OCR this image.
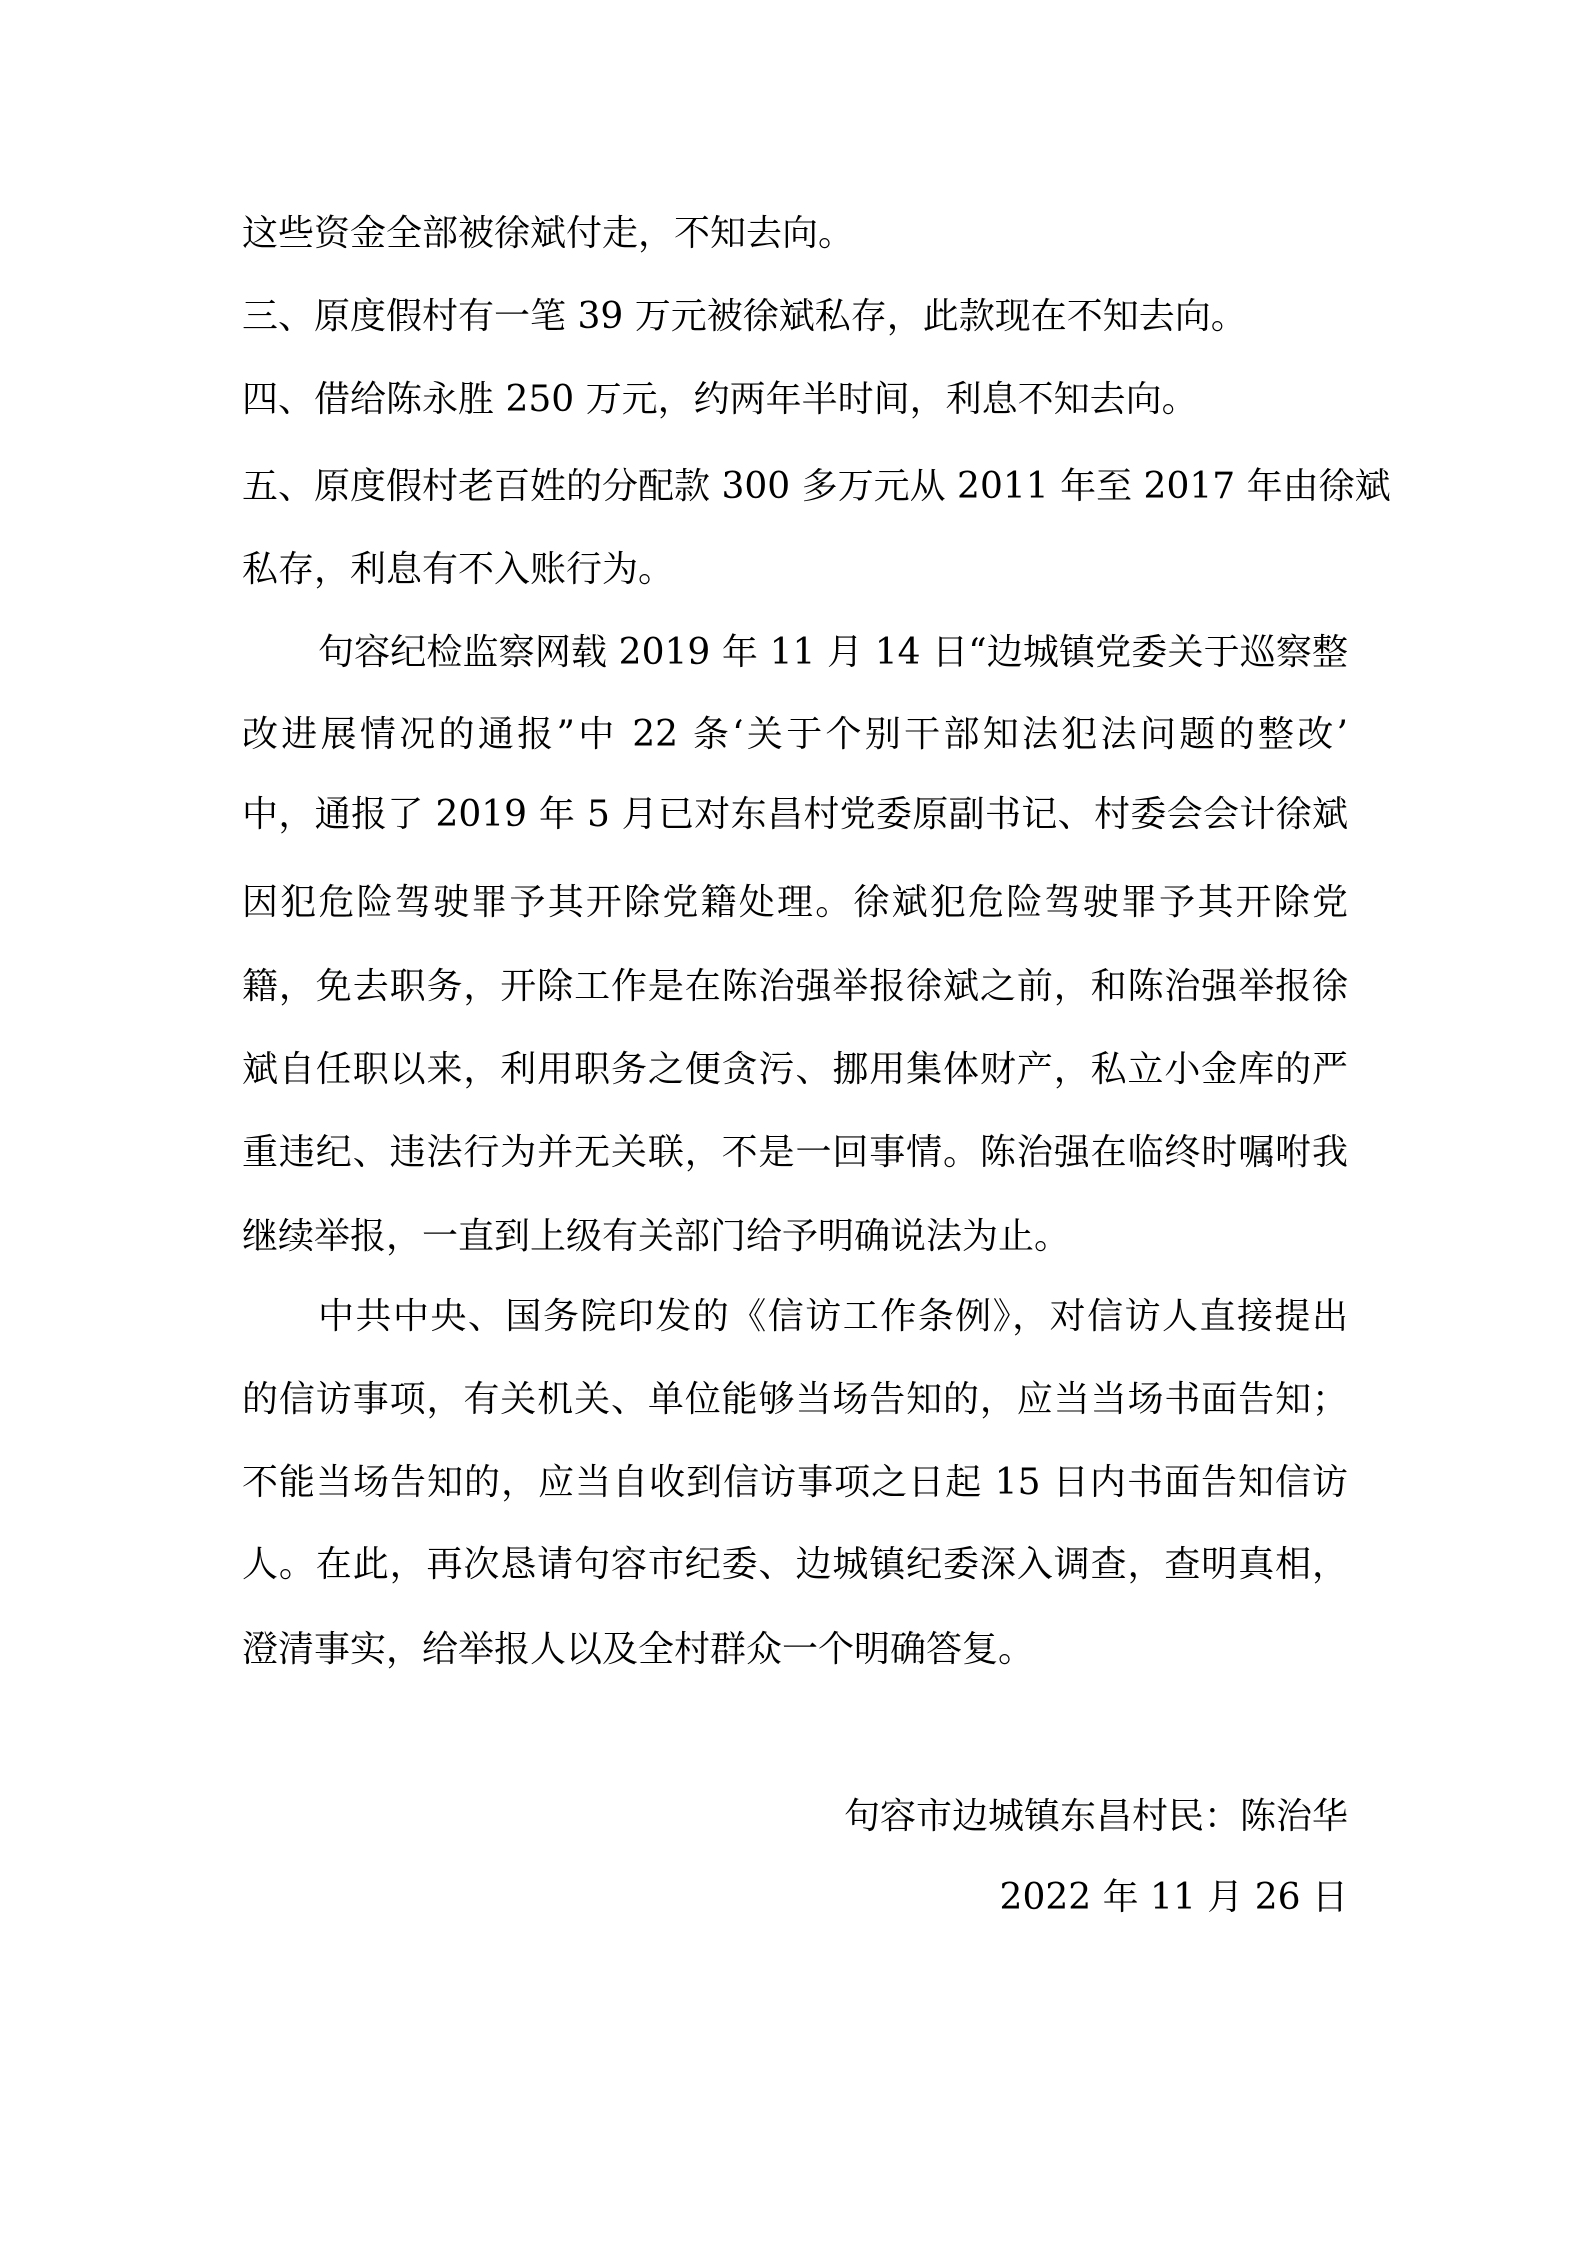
这些资金全部被徐斌付走，不知去向。
三、原度假村有一笔 39 万元被徐斌私存，此款现在不知去向。
四、借给陈永胜 250 万元，约两年半时间，利息不知去向。
五、原度假村老百姓的分配款 300 多万元从 2011 年至 2017 年由徐斌
私存，利息有不入账行为。
句容纪检监察网载 2019 年 11 月 14 日“边城镇党委关于巡察整
改进展情况的通报”中 22 条‘关于个别干部知法犯法问题的整改’
中，通报了 2019 年 5 月已对东昌村党委原副书记、村委会会计徐斌
因犯危险驾驶罪予其开除党籍处理。徐斌犯危险驾驶罪予其开除党
籍，免去职务，开除工作是在陈治强举报徐斌之前，和陈治强举报徐
斌自任职以来，利用职务之便贪污、挪用集体财产，私立小金库的严
重违纪、违法行为并无关联，不是一回事情。陈治强在临终时嘱咐我
继续举报，一直到上级有关部门给予明确说法为止。
中共中央、国务院印发的《信访工作条例》，对信访人直接提出
的信访事项，有关机关、单位能够当场告知的，应当当场书面告知；
不能当场告知的，应当自收到信访事项之日起 15 日内书面告知信访
人。在此，再次恳请句容市纪委、边城镇纪委深入调查，查明真相，
澄清事实，给举报人以及全村群众一个明确答复。
句容市边城镇东昌村民：陈治华
2022 年 11 月 26 日
